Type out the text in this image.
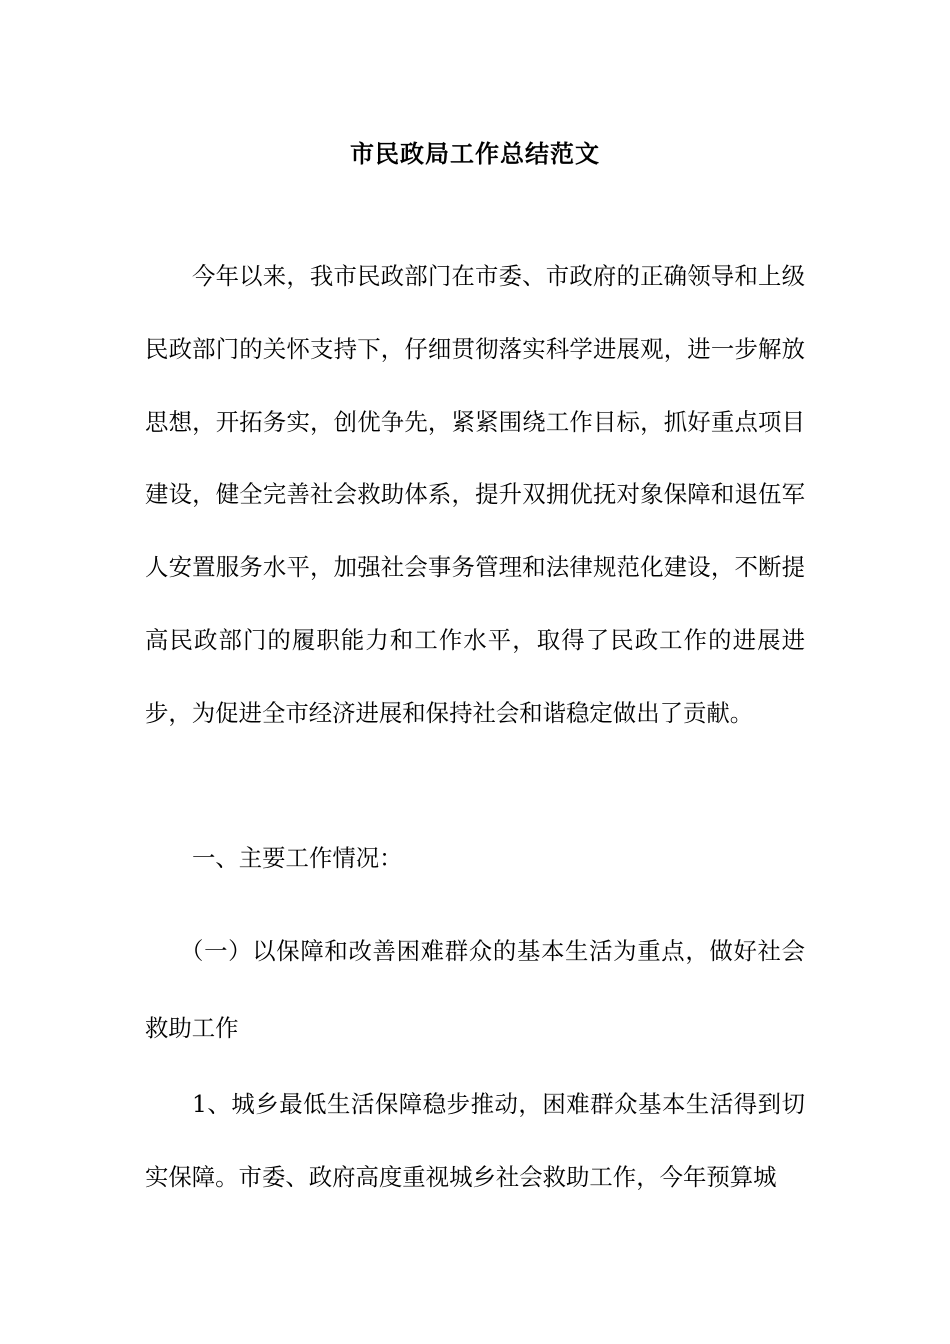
市民政局工作总结范文

今年以来，我市民政部门在市委、市政府的正确领导和上级民政部门的关怀支持下，仔细贯彻落实科学进展观，进一步解放思想，开拓务实，创优争先，紧紧围绕工作目标，抓好重点项目建设，健全完善社会救助体系，提升双拥优抚对象保障和退伍军人安置服务水平，加强社会事务管理和法律规范化建设，不断提高民政部门的履职能力和工作水平，取得了民政工作的进展进步，为促进全市经济进展和保持社会和谐稳定做出了贡献。

一、主要工作情况：

（一）以保障和改善困难群众的基本生活为重点，做好社会救助工作

1、城乡最低生活保障稳步推动，困难群众基本生活得到切实保障。市委、政府高度重视城乡社会救助工作，今年预算城
